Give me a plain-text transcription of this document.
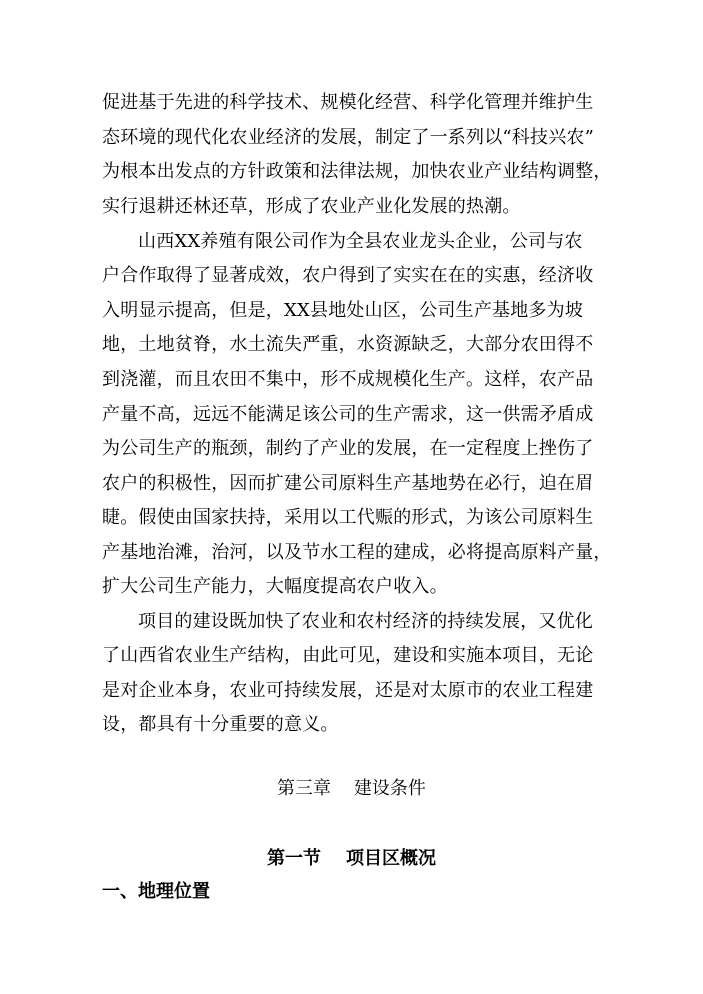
促进基于先进的科学技术、规模化经营、科学化管理并维护生
态环境的现代化农业经济的发展，制定了一系列以“科技兴农”
为根本出发点的方针政策和法律法规，加快农业产业结构调整，
实行退耕还林还草，形成了农业产业化发展的热潮。
山西XX养殖有限公司作为全县农业龙头企业，公司与农
户合作取得了显著成效，农户得到了实实在在的实惠，经济收
入明显示提高，但是，XX县地处山区，公司生产基地多为坡
地，土地贫脊，水土流失严重，水资源缺乏，大部分农田得不
到浇灌，而且农田不集中，形不成规模化生产。这样，农产品
产量不高，远远不能满足该公司的生产需求，这一供需矛盾成
为公司生产的瓶颈，制约了产业的发展，在一定程度上挫伤了
农户的积极性，因而扩建公司原料生产基地势在必行，迫在眉
睫。假使由国家扶持，采用以工代赈的形式，为该公司原料生
产基地治滩，治河，以及节水工程的建成，必将提高原料产量，
扩大公司生产能力，大幅度提高农户收入。
项目的建设既加快了农业和农村经济的持续发展，又优化
了山西省农业生产结构，由此可见，建设和实施本项目，无论
是对企业本身，农业可持续发展，还是对太原市的农业工程建
设，都具有十分重要的意义。
第三章    建设条件
第一节    项目区概况
一、地理位置
